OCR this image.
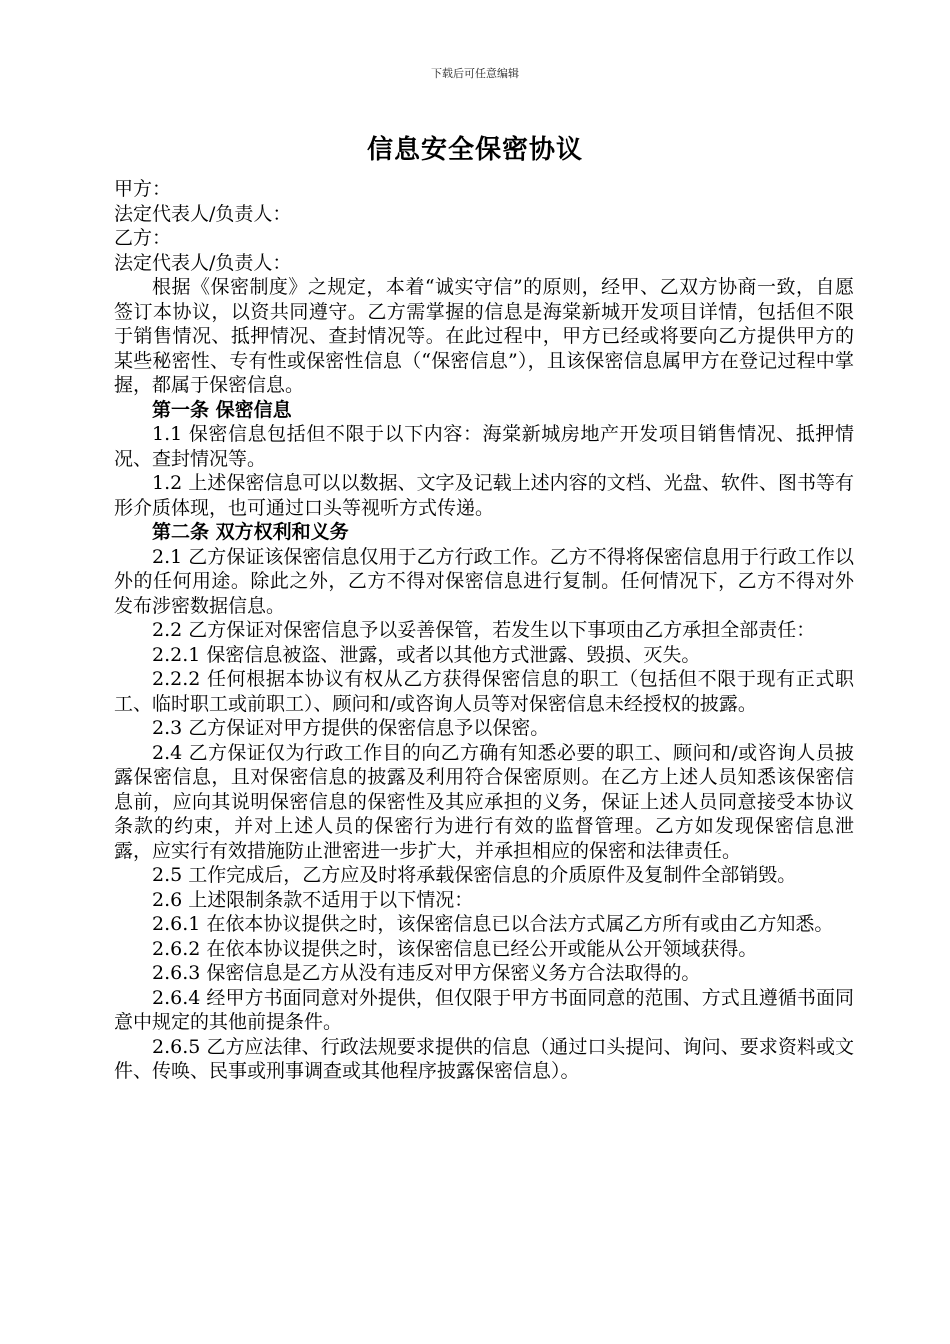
下载后可任意编辑
信息安全保密协议

甲方：

法定代表人/负责人：

乙方：

法定代表人/负责人：

根据《保密制度》之规定，本着“诚实守信”的原则，经甲、乙双方协商一致，自愿签订本协议，以资共同遵守。乙方需掌握的信息是海棠新城开发项目详情，包括但不限于销售情况、抵押情况、查封情况等。在此过程中，甲方已经或将要向乙方提供甲方的某些秘密性、专有性或保密性信息（“保密信息”），且该保密信息属甲方在登记过程中掌握，都属于保密信息。

第一条 保密信息

1.1 保密信息包括但不限于以下内容：海棠新城房地产开发项目销售情况、抵押情况、查封情况等。

1.2 上述保密信息可以以数据、文字及记载上述内容的文档、光盘、软件、图书等有形介质体现，也可通过口头等视听方式传递。

第二条 双方权利和义务

2.1 乙方保证该保密信息仅用于乙方行政工作。乙方不得将保密信息用于行政工作以外的任何用途。除此之外，乙方不得对保密信息进行复制。任何情况下，乙方不得对外发布涉密数据信息。

2.2 乙方保证对保密信息予以妥善保管，若发生以下事项由乙方承担全部责任：

2.2.1 保密信息被盗、泄露，或者以其他方式泄露、毁损、灭失。

2.2.2 任何根据本协议有权从乙方获得保密信息的职工（包括但不限于现有正式职工、临时职工或前职工）、顾问和/或咨询人员等对保密信息未经授权的披露。

2.3 乙方保证对甲方提供的保密信息予以保密。

2.4 乙方保证仅为行政工作目的向乙方确有知悉必要的职工、顾问和/或咨询人员披露保密信息，且对保密信息的披露及利用符合保密原则。在乙方上述人员知悉该保密信息前，应向其说明保密信息的保密性及其应承担的义务，保证上述人员同意接受本协议条款的约束，并对上述人员的保密行为进行有效的监督管理。乙方如发现保密信息泄露，应实行有效措施防止泄密进一步扩大，并承担相应的保密和法律责任。

2.5 工作完成后，乙方应及时将承载保密信息的介质原件及复制件全部销毁。

2.6 上述限制条款不适用于以下情况：

2.6.1 在依本协议提供之时，该保密信息已以合法方式属乙方所有或由乙方知悉。

2.6.2 在依本协议提供之时，该保密信息已经公开或能从公开领域获得。

2.6.3 保密信息是乙方从没有违反对甲方保密义务方合法取得的。

2.6.4 经甲方书面同意对外提供，但仅限于甲方书面同意的范围、方式且遵循书面同意中规定的其他前提条件。

2.6.5 乙方应法律、行政法规要求提供的信息（通过口头提问、询问、要求资料或文件、传唤、民事或刑事调查或其他程序披露保密信息）。
